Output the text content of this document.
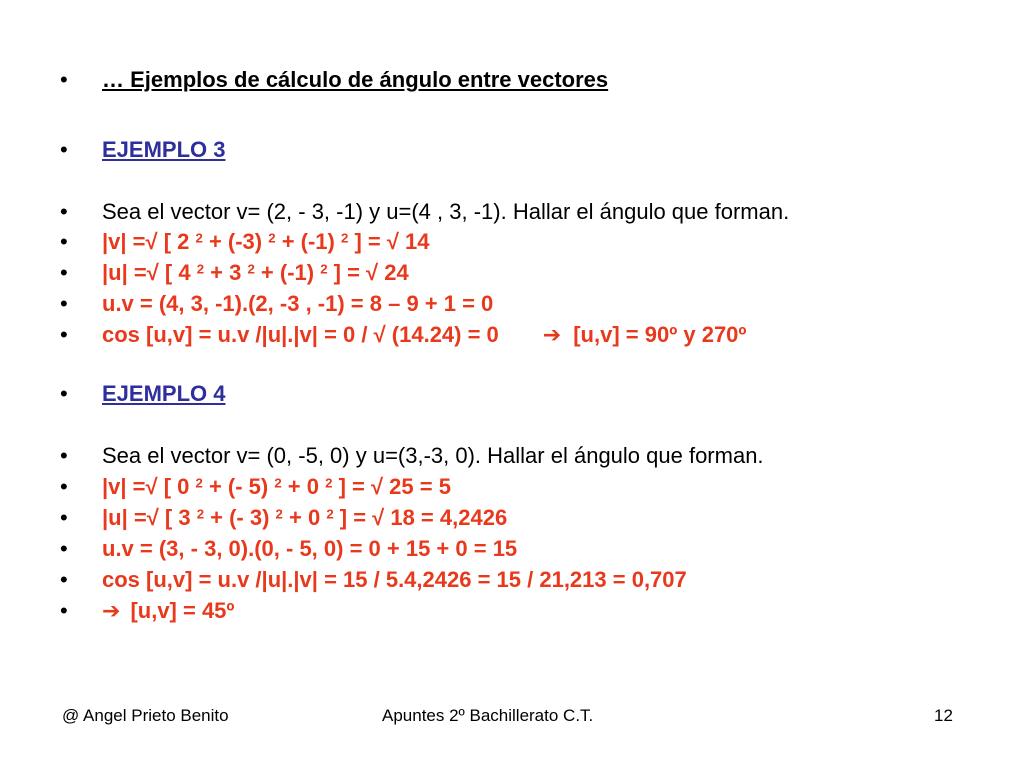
•	… Ejemplos de cálculo de ángulo entre vectores
•	EJEMPLO 3
•	Sea el vector v= (2, - 3, -1) y u=(4 , 3, -1). Hallar el ángulo que forman.
•	|v| =√ [ 2 $^2$ + (-3) $^2$ + (-1) $^2$ ] = √ 14
•	|u| =√ [ 4 $^2$ + 3 $^2$ + (-1) $^2$ ] = √ 24
•	u.v = (4, 3, -1).(2, -3 , -1) = 8 – 9 + 1 = 0
•	cos [u,v] = u.v /|u|.|v| = 0 / √ (14.24) = 0 ➔ [u,v] = 90º y 270º
•	EJEMPLO 4
•	Sea el vector v= (0, -5, 0) y u=(3,-3, 0). Hallar el ángulo que forman.
•	|v| =√ [ 0 $^2$ + (- 5) $^2$ + 0 $^2$ ] = √ 25 = 5
•	|u| =√ [ 3 $^2$ + (- 3) $^2$ + 0 $^2$ ] = √ 18 = 4,2426
•	u.v = (3, - 3, 0).(0, - 5, 0) = 0 + 15 + 0 = 15
•	cos [u,v] = u.v /|u|.|v| = 15 / 5.4,2426 = 15 / 21,213 = 0,707
•	➔ [u,v] = 45º
@ Angel Prieto Benito	Apuntes 2º Bachillerato C.T.	12
